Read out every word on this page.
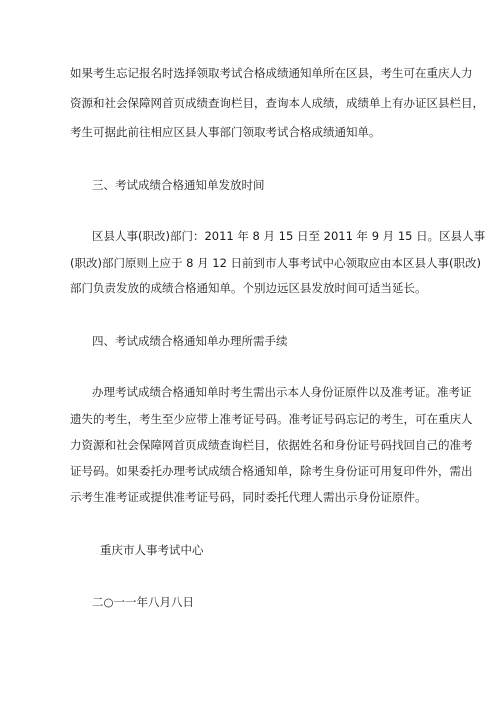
如果考生忘记报名时选择领取考试合格成绩通知单所在区县，考生可在重庆人力
资源和社会保障网首页成绩查询栏目，查询本人成绩，成绩单上有办证区县栏目，
考生可据此前往相应区县人事部门领取考试合格成绩通知单。
三、考试成绩合格通知单发放时间
区县人事(职改)部门：2011 年 8 月 15 日至 2011 年 9 月 15 日。区县人事
(职改)部门原则上应于 8 月 12 日前到市人事考试中心领取应由本区县人事(职改)
部门负责发放的成绩合格通知单。个别边远区县发放时间可适当延长。
四、考试成绩合格通知单办理所需手续
办理考试成绩合格通知单时考生需出示本人身份证原件以及准考证。准考证
遗失的考生，考生至少应带上准考证号码。准考证号码忘记的考生，可在重庆人
力资源和社会保障网首页成绩查询栏目，依据姓名和身份证号码找回自己的准考
证号码。如果委托办理考试成绩合格通知单，除考生身份证可用复印件外，需出
示考生准考证或提供准考证号码，同时委托代理人需出示身份证原件。
重庆市人事考试中心
二○一一年八月八日
